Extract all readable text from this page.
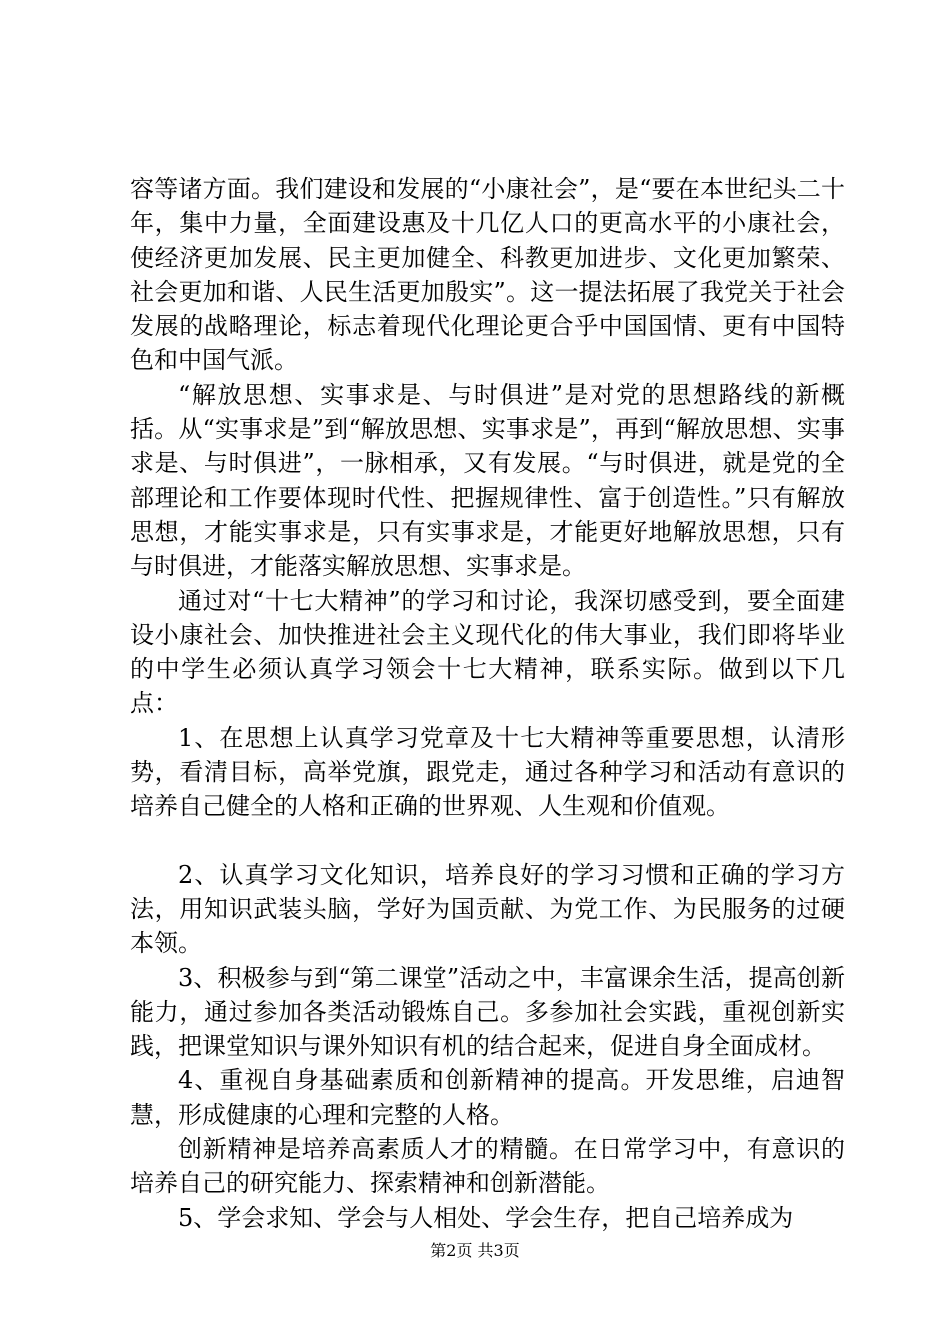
容等诸方面。我们建设和发展的“小康社会”，是“要在本世纪头二十年，集中力量，全面建设惠及十几亿人口的更高水平的小康社会，使经济更加发展、民主更加健全、科教更加进步、文化更加繁荣、社会更加和谐、人民生活更加殷实”。这一提法拓展了我党关于社会发展的战略理论，标志着现代化理论更合乎中国国情、更有中国特色和中国气派。

“解放思想、实事求是、与时俱进”是对党的思想路线的新概括。从“实事求是”到“解放思想、实事求是”，再到“解放思想、实事求是、与时俱进”，一脉相承，又有发展。“与时俱进，就是党的全部理论和工作要体现时代性、把握规律性、富于创造性。”只有解放思想，才能实事求是，只有实事求是，才能更好地解放思想，只有与时俱进，才能落实解放思想、实事求是。

通过对“十七大精神”的学习和讨论，我深切感受到，要全面建设小康社会、加快推进社会主义现代化的伟大事业，我们即将毕业的中学生必须认真学习领会十七大精神，联系实际。做到以下几点：

1、在思想上认真学习党章及十七大精神等重要思想，认清形势，看清目标，高举党旗，跟党走，通过各种学习和活动有意识的培养自己健全的人格和正确的世界观、人生观和价值观。

2、认真学习文化知识，培养良好的学习习惯和正确的学习方法，用知识武装头脑，学好为国贡献、为党工作、为民服务的过硬本领。

3、积极参与到“第二课堂”活动之中，丰富课余生活，提高创新能力，通过参加各类活动锻炼自己。多参加社会实践，重视创新实践，把课堂知识与课外知识有机的结合起来，促进自身全面成材。

4、重视自身基础素质和创新精神的提高。开发思维，启迪智慧，形成健康的心理和完整的人格。

创新精神是培养高素质人才的精髓。在日常学习中，有意识的培养自己的研究能力、探索精神和创新潜能。

5、学会求知、学会与人相处、学会生存，把自己培养成为

第2页 共3页
